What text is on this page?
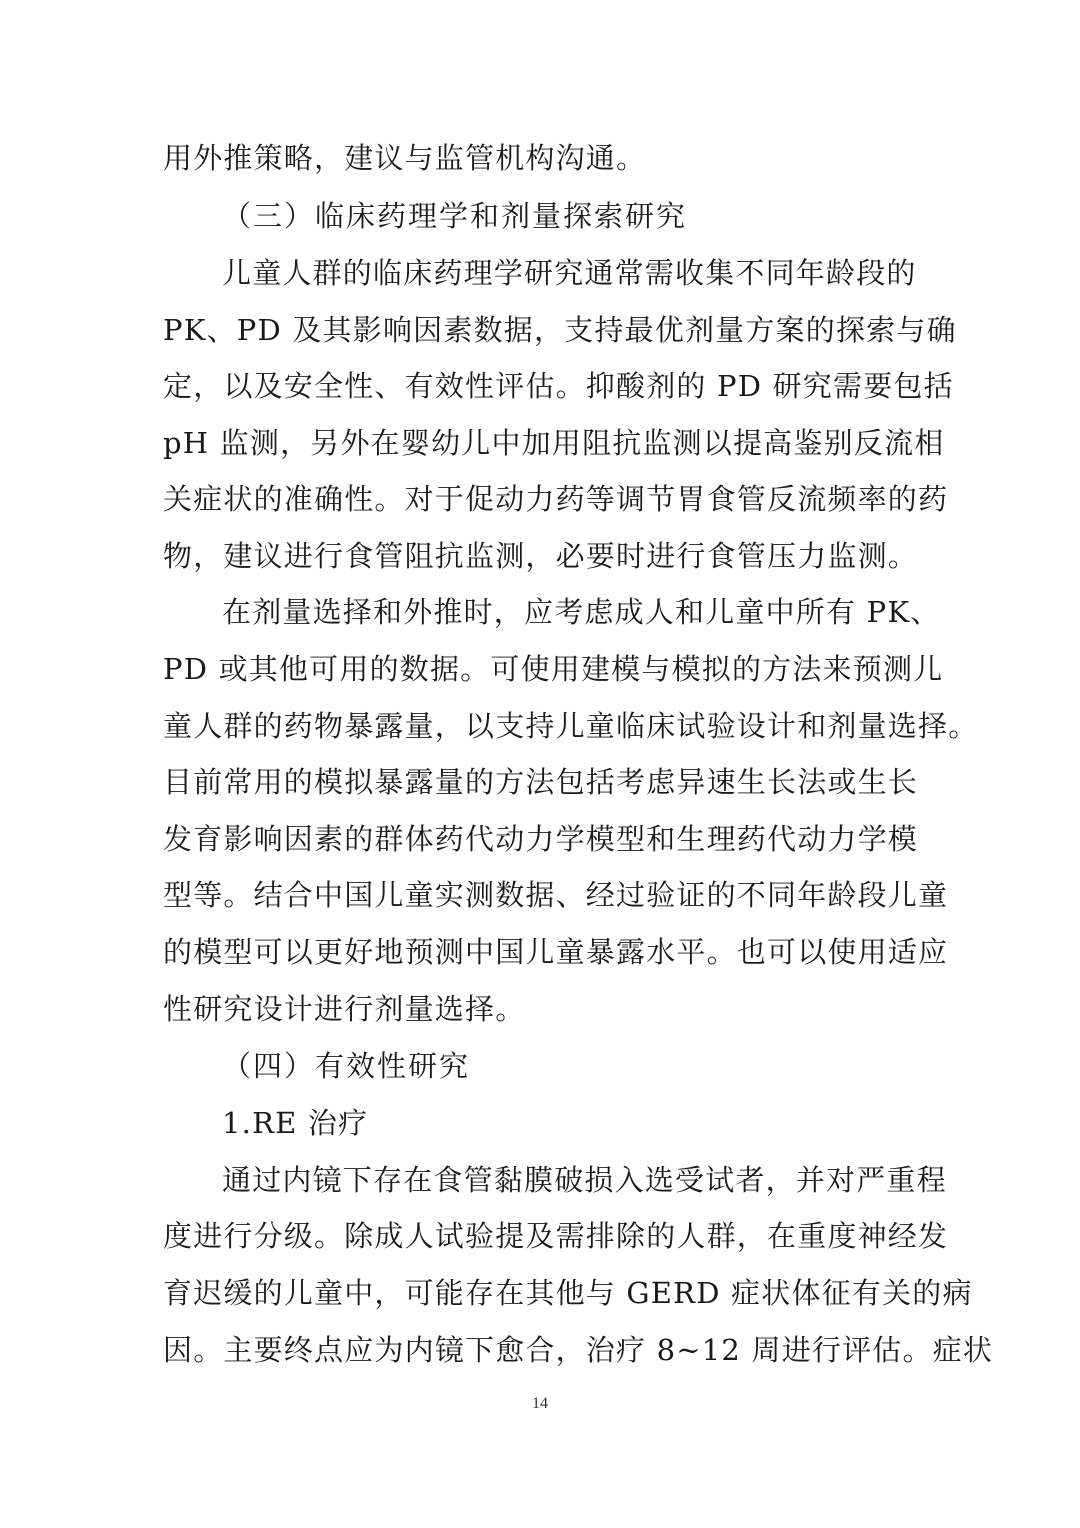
用外推策略，建议与监管机构沟通。
（三）临床药理学和剂量探索研究
儿童人群的临床药理学研究通常需收集不同年龄段的
PK、PD 及其影响因素数据，支持最优剂量方案的探索与确
定，以及安全性、有效性评估。抑酸剂的 PD 研究需要包括
pH 监测，另外在婴幼儿中加用阻抗监测以提高鉴别反流相
关症状的准确性。对于促动力药等调节胃食管反流频率的药
物，建议进行食管阻抗监测，必要时进行食管压力监测。
在剂量选择和外推时，应考虑成人和儿童中所有 PK、
PD 或其他可用的数据。可使用建模与模拟的方法来预测儿
童人群的药物暴露量，以支持儿童临床试验设计和剂量选择。
目前常用的模拟暴露量的方法包括考虑异速生长法或生长
发育影响因素的群体药代动力学模型和生理药代动力学模
型等。结合中国儿童实测数据、经过验证的不同年龄段儿童
的模型可以更好地预测中国儿童暴露水平。也可以使用适应
性研究设计进行剂量选择。
（四）有效性研究
1.RE 治疗
通过内镜下存在食管黏膜破损入选受试者，并对严重程
度进行分级。除成人试验提及需排除的人群，在重度神经发
育迟缓的儿童中，可能存在其他与 GERD 症状体征有关的病
因。主要终点应为内镜下愈合，治疗 8~12 周进行评估。症状
14
